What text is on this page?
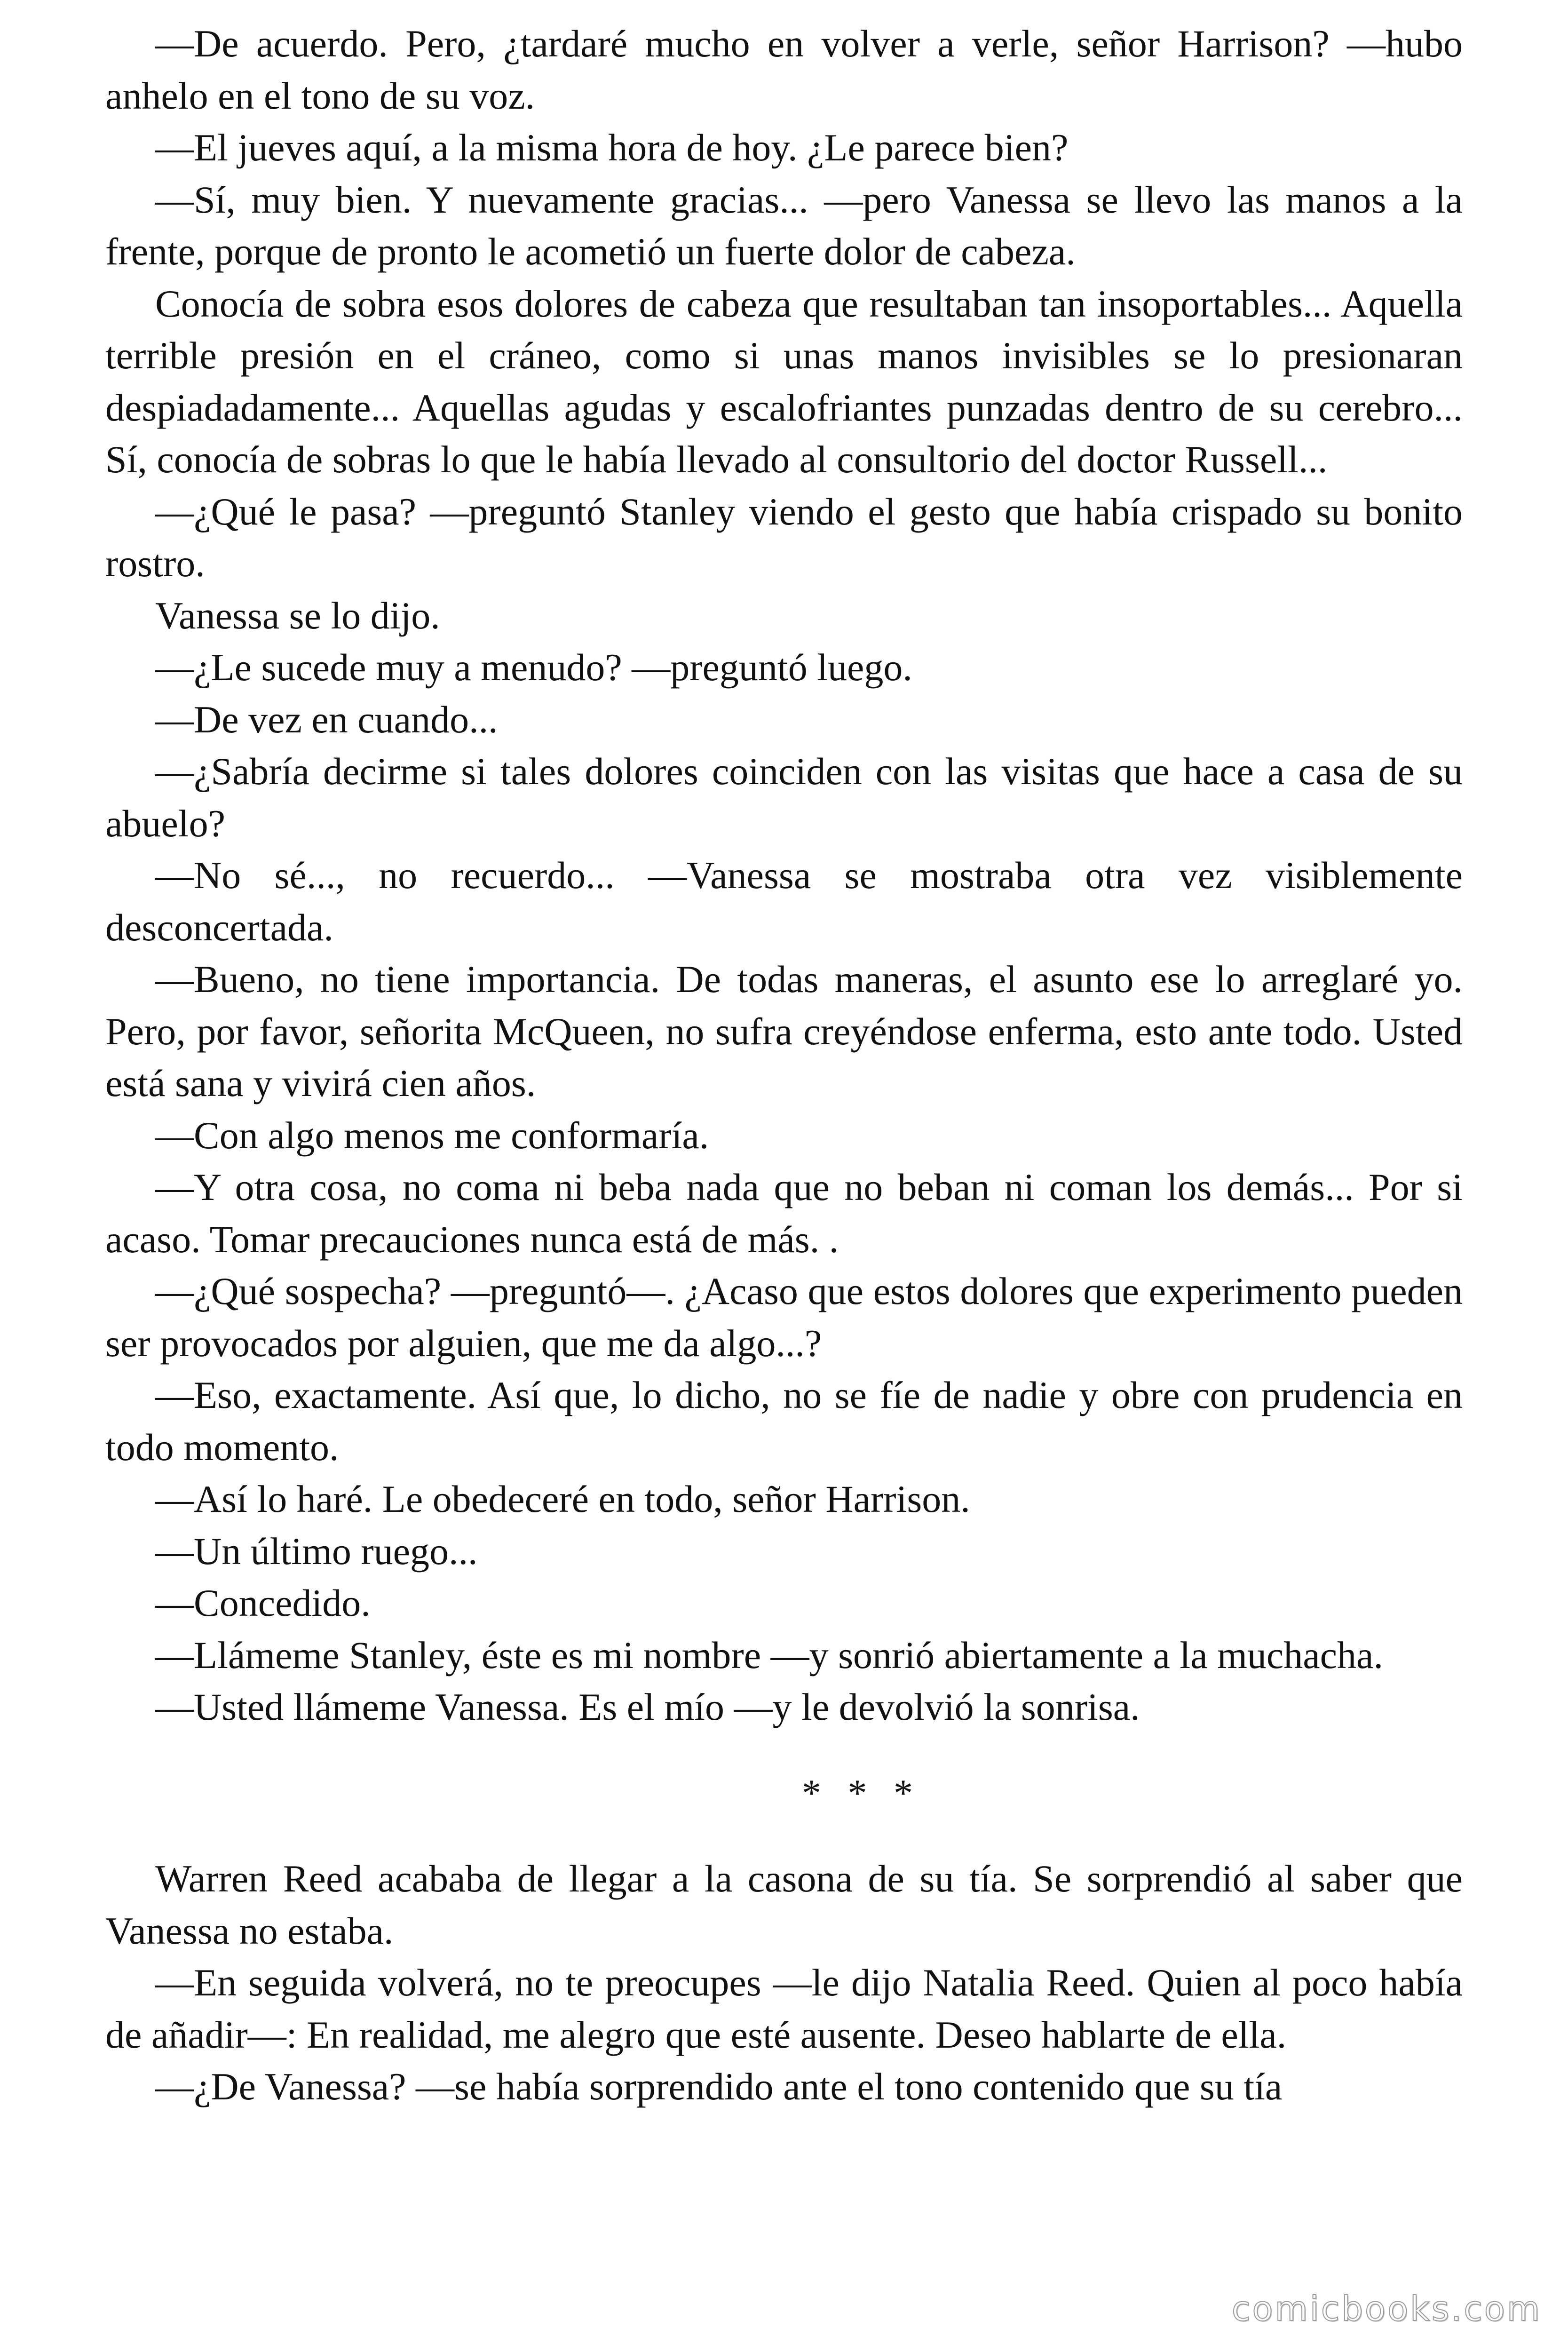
—De acuerdo. Pero, ¿tardaré mucho en volver a verle, señor Harrison? —hubo anhelo en el tono de su voz.

—El jueves aquí, a la misma hora de hoy. ¿Le parece bien?

—Sí, muy bien. Y nuevamente gracias... —pero Vanessa se llevo las manos a la frente, porque de pronto le acometió un fuerte dolor de cabeza.

Conocía de sobra esos dolores de cabeza que resultaban tan insoportables... Aquella terrible presión en el cráneo, como si unas manos invisibles se lo presionaran despiadadamente... Aquellas agudas y escalofriantes punzadas dentro de su cerebro... Sí, conocía de sobras lo que le había llevado al consultorio del doctor Russell...

—¿Qué le pasa? —preguntó Stanley viendo el gesto que había crispado su bonito rostro.

Vanessa se lo dijo.

—¿Le sucede muy a menudo? —preguntó luego.

—De vez en cuando...

—¿Sabría decirme si tales dolores coinciden con las visitas que hace a casa de su abuelo?

—No sé..., no recuerdo... —Vanessa se mostraba otra vez visiblemente desconcertada.

—Bueno, no tiene importancia. De todas maneras, el asunto ese lo arreglaré yo. Pero, por favor, señorita McQueen, no sufra creyéndose enferma, esto ante todo. Usted está sana y vivirá cien años.

—Con algo menos me conformaría.

—Y otra cosa, no coma ni beba nada que no beban ni coman los demás... Por si acaso. Tomar precauciones nunca está de más. .

—¿Qué sospecha? —preguntó—. ¿Acaso que estos dolores que experimento pueden ser provocados por alguien, que me da algo...?

—Eso, exactamente. Así que, lo dicho, no se fíe de nadie y obre con prudencia en todo momento.

—Así lo haré. Le obedeceré en todo, señor Harrison.

—Un último ruego...

—Concedido.

—Llámeme Stanley, éste es mi nombre —y sonrió abiertamente a la muchacha.

—Usted llámeme Vanessa. Es el mío —y le devolvió la sonrisa.

* * *

Warren Reed acababa de llegar a la casona de su tía. Se sorprendió al saber que Vanessa no estaba.

—En seguida volverá, no te preocupes —le dijo Natalia Reed. Quien al poco había de añadir—: En realidad, me alegro que esté ausente. Deseo hablarte de ella.

—¿De Vanessa? —se había sorprendido ante el tono contenido que su tía

comicbooks.com
